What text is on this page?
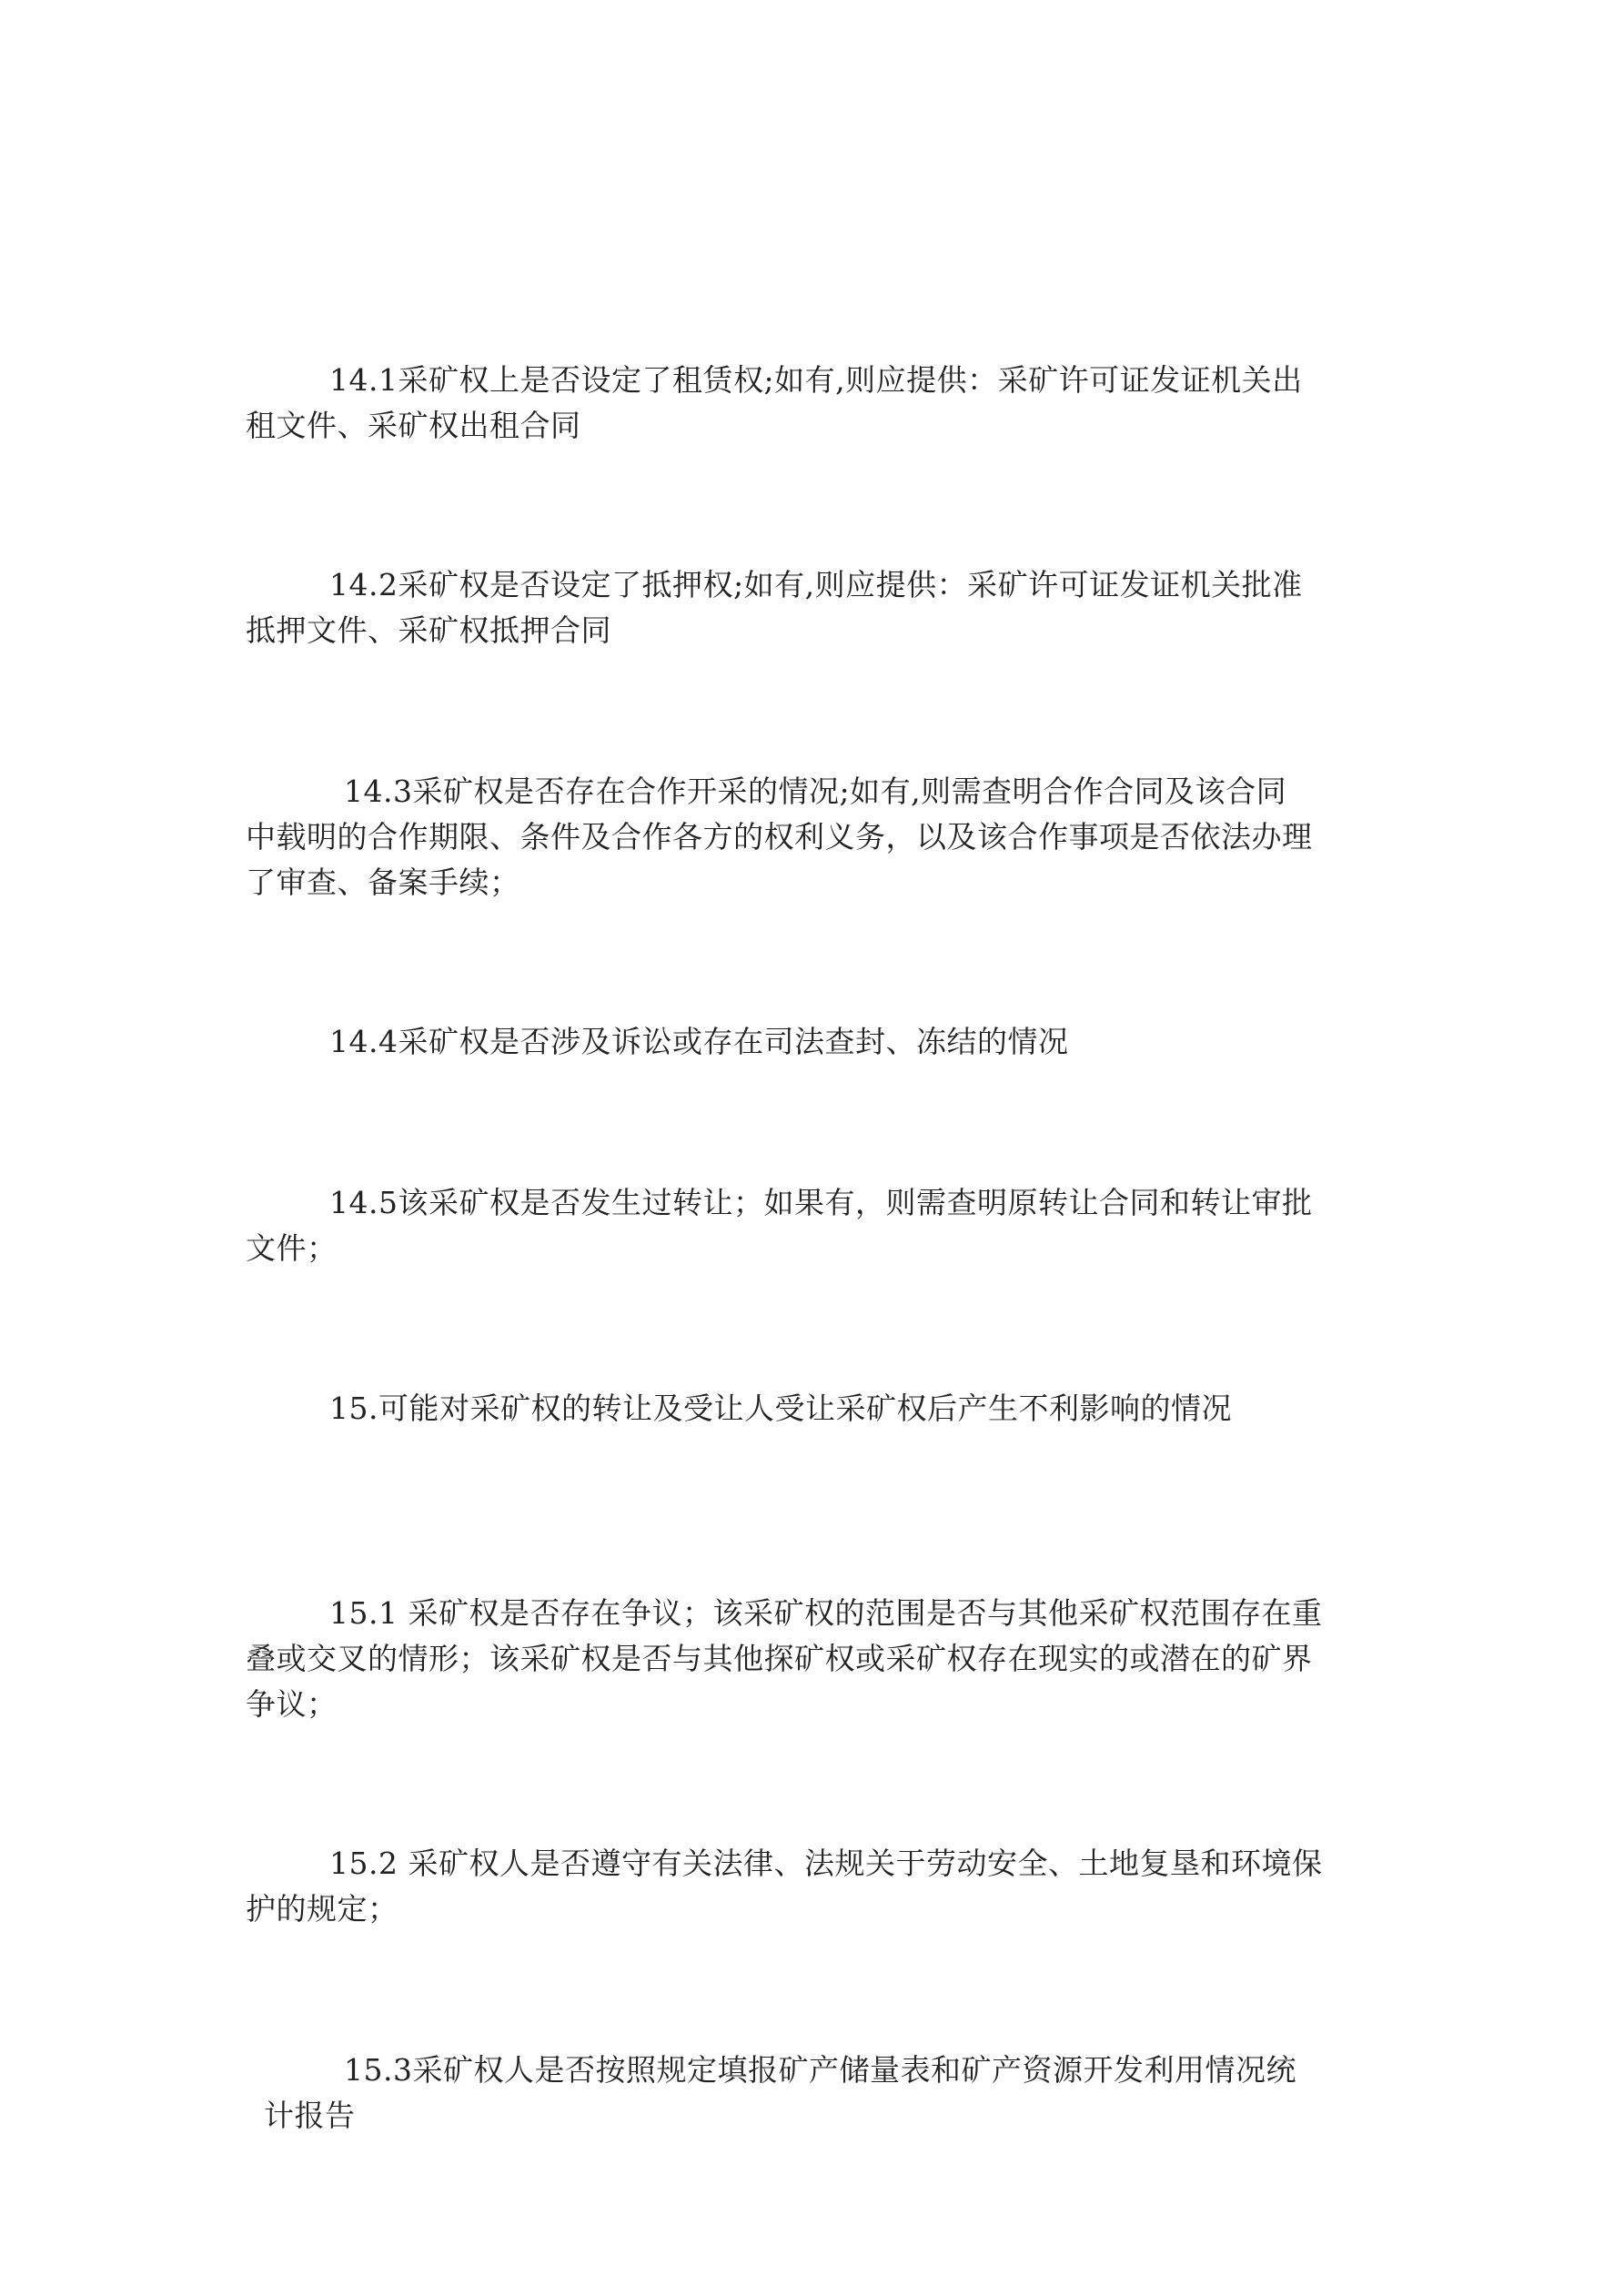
14.1采矿权上是否设定了租赁权;如有,则应提供：采矿许可证发证机关出
租文件、采矿权出租合同

14.2采矿权是否设定了抵押权;如有,则应提供：采矿许可证发证机关批准
抵押文件、采矿权抵押合同

14.3采矿权是否存在合作开采的情况;如有,则需查明合作合同及该合同
中载明的合作期限、条件及合作各方的权利义务，以及该合作事项是否依法办理
了审查、备案手续；

14.4采矿权是否涉及诉讼或存在司法查封、冻结的情况

14.5该采矿权是否发生过转让；如果有，则需查明原转让合同和转让审批
文件；

15.可能对采矿权的转让及受让人受让采矿权后产生不利影响的情况

15.1 采矿权是否存在争议；该采矿权的范围是否与其他采矿权范围存在重
叠或交叉的情形；该采矿权是否与其他探矿权或采矿权存在现实的或潜在的矿界
争议；

15.2 采矿权人是否遵守有关法律、法规关于劳动安全、土地复垦和环境保
护的规定；

15.3采矿权人是否按照规定填报矿产储量表和矿产资源开发利用情况统
计报告
